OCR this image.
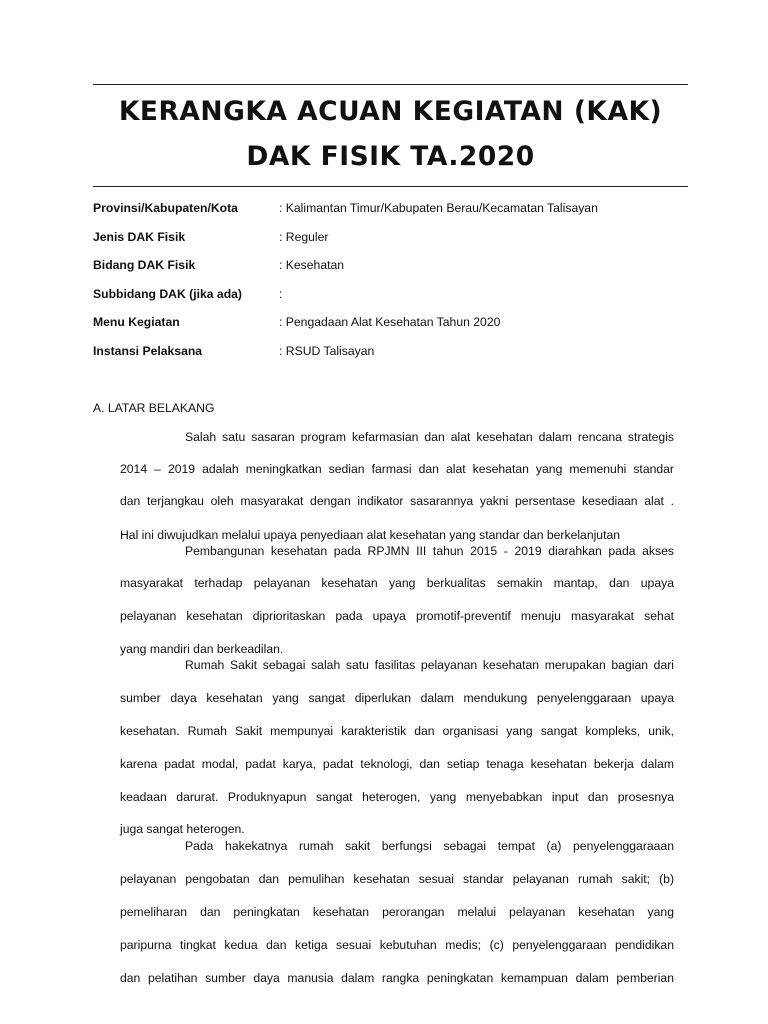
KERANGKA ACUAN KEGIATAN (KAK)
DAK FISIK TA.2020
Provinsi/Kabupaten/Kota	: Kalimantan Timur/Kabupaten Berau/Kecamatan Talisayan
Jenis DAK Fisik	: Reguler
Bidang DAK Fisik	: Kesehatan
Subbidang DAK (jika ada)	:
Menu Kegiatan	: Pengadaan Alat Kesehatan Tahun 2020
Instansi Pelaksana	: RSUD Talisayan
A. LATAR BELAKANG
Salah satu sasaran program kefarmasian dan alat kesehatan dalam rencana strategis
2014 – 2019 adalah meningkatkan sedian farmasi dan alat kesehatan yang memenuhi standar
dan terjangkau oleh masyarakat dengan indikator sasarannya yakni persentase kesediaan alat .
Hal ini diwujudkan melalui upaya penyediaan alat kesehatan yang standar dan berkelanjutan
Pembangunan kesehatan pada RPJMN III tahun 2015 - 2019 diarahkan pada akses
masyarakat terhadap pelayanan kesehatan yang berkualitas semakin mantap, dan upaya
pelayanan kesehatan diprioritaskan pada upaya promotif-preventif menuju masyarakat sehat
yang mandiri dan berkeadilan.
Rumah Sakit sebagai salah satu fasilitas pelayanan kesehatan merupakan bagian dari
sumber daya kesehatan yang sangat diperlukan dalam mendukung penyelenggaraan upaya
kesehatan. Rumah Sakit mempunyai karakteristik dan organisasi yang sangat kompleks, unik,
karena padat modal, padat karya, padat teknologi, dan setiap tenaga kesehatan bekerja dalam
keadaan darurat. Produknyapun sangat heterogen, yang menyebabkan input dan prosesnya
juga sangat heterogen.
Pada hakekatnya rumah sakit berfungsi sebagai tempat (a) penyelenggaraaan
pelayanan pengobatan dan pemulihan kesehatan sesuai standar pelayanan rumah sakit; (b)
pemeliharan dan peningkatan kesehatan perorangan melalui pelayanan kesehatan yang
paripurna tingkat kedua dan ketiga sesuai kebutuhan medis; (c) penyelenggaraan pendidikan
dan pelatihan sumber daya manusia dalam rangka peningkatan kemampuan dalam pemberian
